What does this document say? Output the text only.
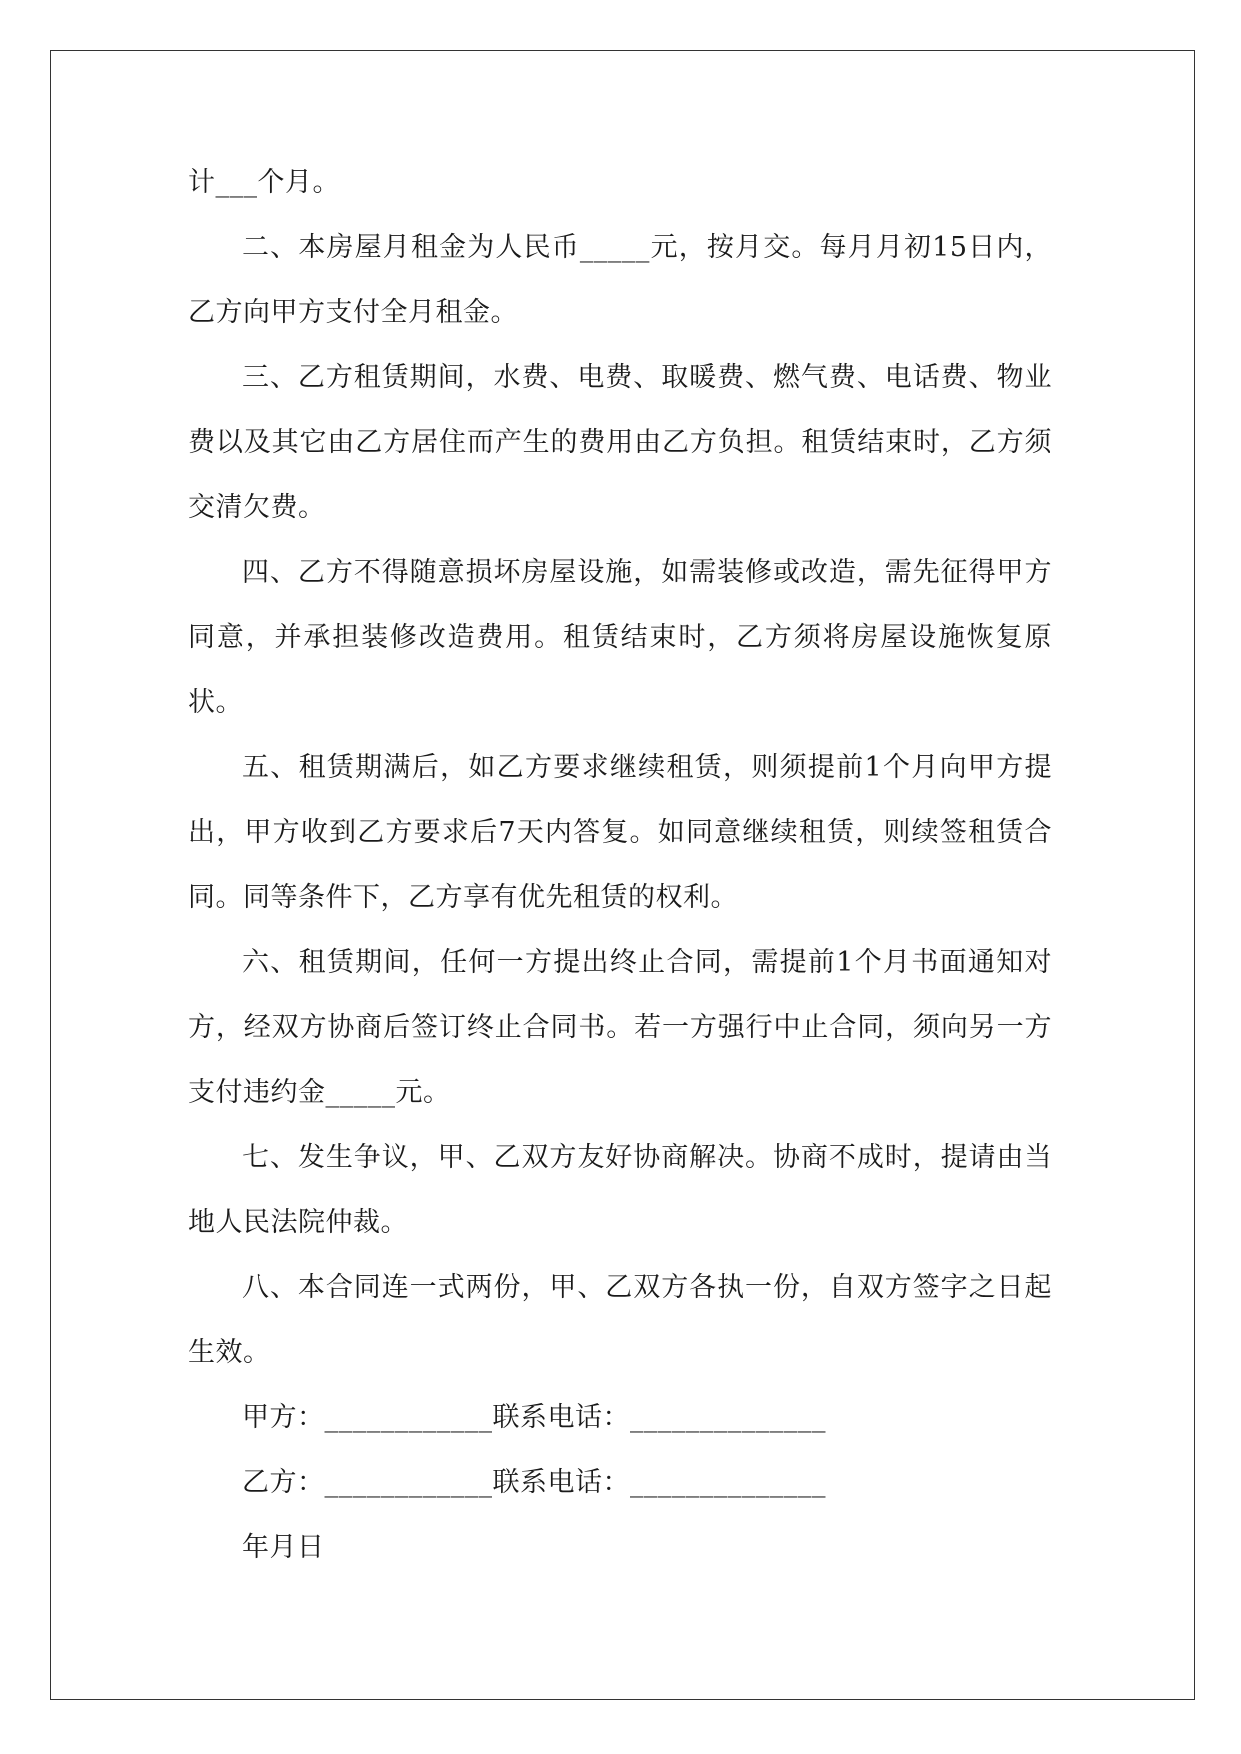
计___个月。

二、本房屋月租金为人民币_____元，按月交。每月月初15日内，乙方向甲方支付全月租金。

三、乙方租赁期间，水费、电费、取暖费、燃气费、电话费、物业费以及其它由乙方居住而产生的费用由乙方负担。租赁结束时，乙方须交清欠费。

四、乙方不得随意损坏房屋设施，如需装修或改造，需先征得甲方同意，并承担装修改造费用。租赁结束时，乙方须将房屋设施恢复原状。

五、租赁期满后，如乙方要求继续租赁，则须提前1个月向甲方提出，甲方收到乙方要求后7天内答复。如同意继续租赁，则续签租赁合同。同等条件下，乙方享有优先租赁的权利。

六、租赁期间，任何一方提出终止合同，需提前1个月书面通知对方，经双方协商后签订终止合同书。若一方强行中止合同，须向另一方支付违约金_____元。

七、发生争议，甲、乙双方友好协商解决。协商不成时，提请由当地人民法院仲裁。

八、本合同连一式两份，甲、乙双方各执一份，自双方签字之日起生效。

甲方：____________联系电话：______________

乙方：____________联系电话：______________

年月日
